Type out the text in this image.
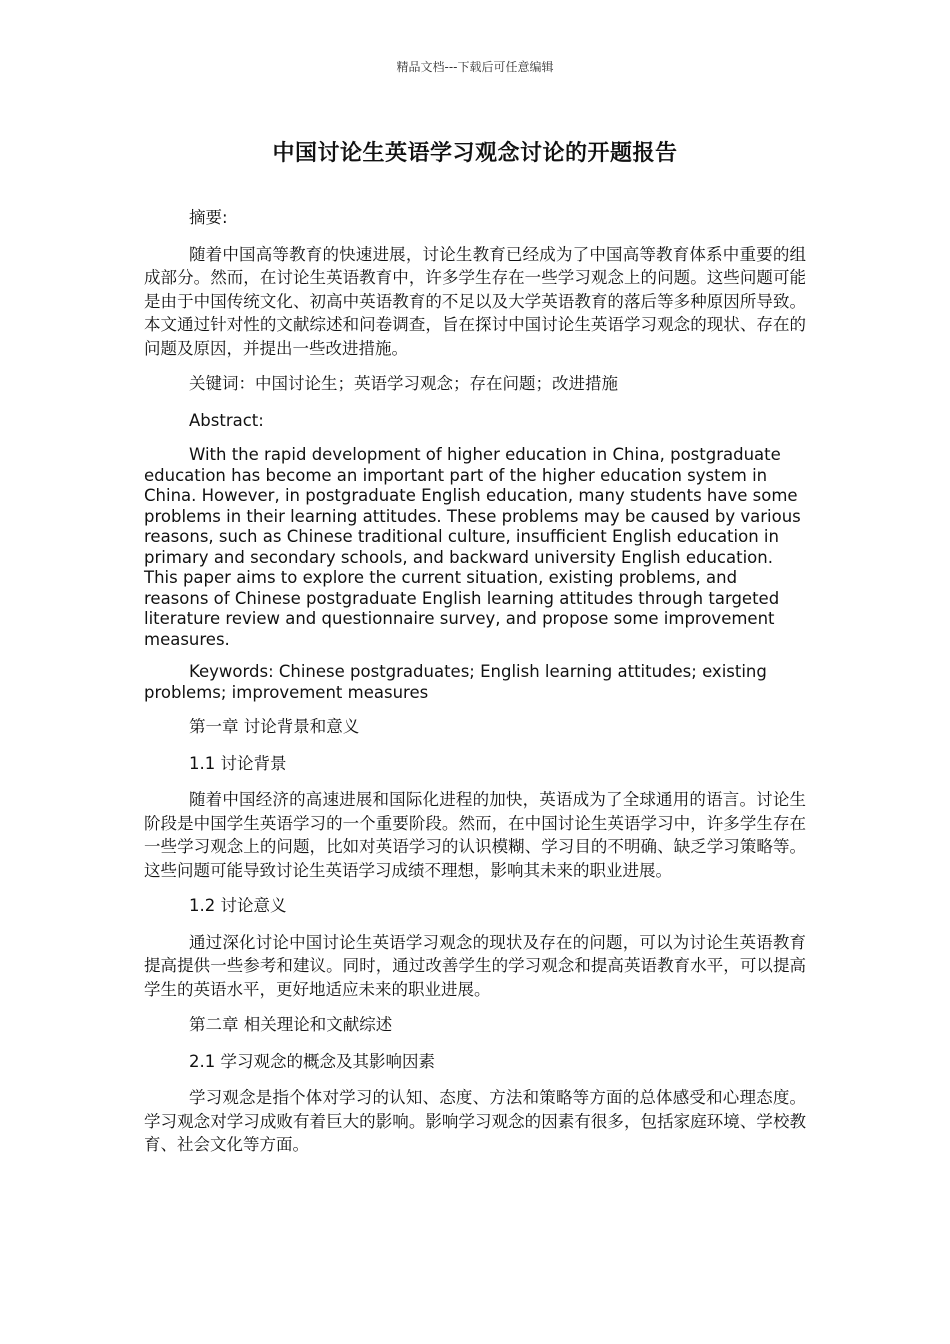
精品文档---下载后可任意编辑
中国讨论生英语学习观念讨论的开题报告

摘要:

随着中国高等教育的快速进展，讨论生教育已经成为了中国高等教育体系中重要的组成部分。然而，在讨论生英语教育中，许多学生存在一些学习观念上的问题。这些问题可能是由于中国传统文化、初高中英语教育的不足以及大学英语教育的落后等多种原因所导致。本文通过针对性的文献综述和问卷调查，旨在探讨中国讨论生英语学习观念的现状、存在的问题及原因，并提出一些改进措施。

关键词：中国讨论生；英语学习观念；存在问题；改进措施

Abstract:

With the rapid development of higher education in China, postgraduate education has become an important part of the higher education system in China. However, in postgraduate English education, many students have some problems in their learning attitudes. These problems may be caused by various reasons, such as Chinese traditional culture, insufficient English education in primary and secondary schools, and backward university English education. This paper aims to explore the current situation, existing problems, and reasons of Chinese postgraduate English learning attitudes through targeted literature review and questionnaire survey, and propose some improvement measures.

Keywords: Chinese postgraduates; English learning attitudes; existing problems; improvement measures

第一章 讨论背景和意义

1.1 讨论背景

随着中国经济的高速进展和国际化进程的加快，英语成为了全球通用的语言。讨论生阶段是中国学生英语学习的一个重要阶段。然而，在中国讨论生英语学习中，许多学生存在一些学习观念上的问题，比如对英语学习的认识模糊、学习目的不明确、缺乏学习策略等。这些问题可能导致讨论生英语学习成绩不理想，影响其未来的职业进展。

1.2 讨论意义

通过深化讨论中国讨论生英语学习观念的现状及存在的问题，可以为讨论生英语教育提高提供一些参考和建议。同时，通过改善学生的学习观念和提高英语教育水平，可以提高学生的英语水平，更好地适应未来的职业进展。

第二章 相关理论和文献综述

2.1 学习观念的概念及其影响因素

学习观念是指个体对学习的认知、态度、方法和策略等方面的总体感受和心理态度。学习观念对学习成败有着巨大的影响。影响学习观念的因素有很多，包括家庭环境、学校教育、社会文化等方面。
